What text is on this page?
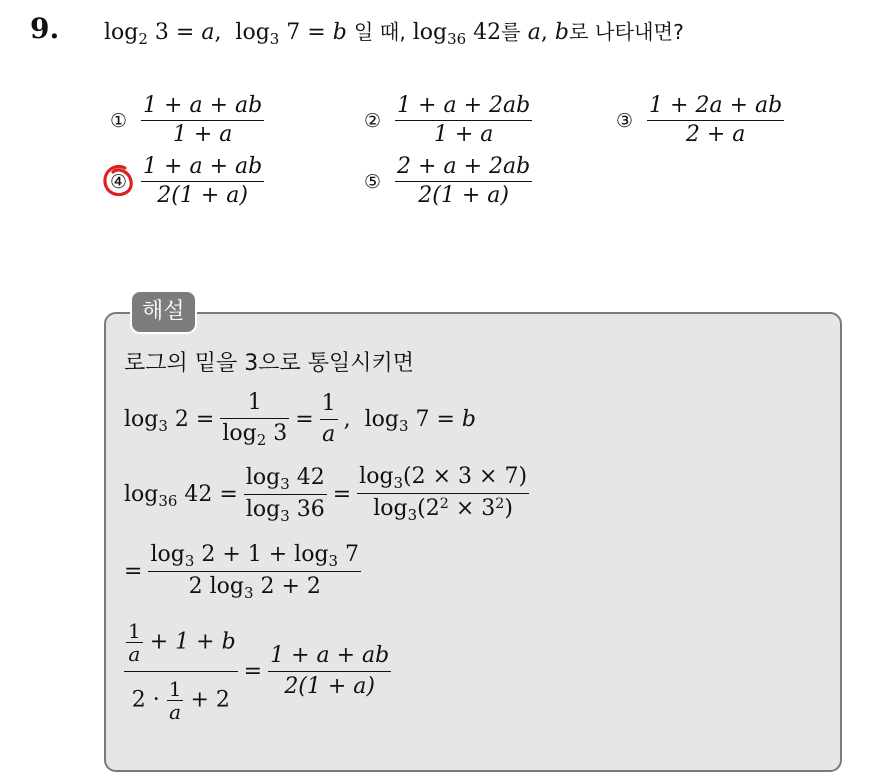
9. $\log_2 3 = a$,  $\log_3 7 = b$ 일 때, $\log_{36} 42$를 a, b로 나타내면?
① $\frac{1 + a + ab}{1 + a}$	② $\frac{1 + a + 2ab}{1 + a}$	③ $\frac{1 + 2a + ab}{2 + a}$
④ $\frac{1 + a + ab}{2(1 + a)}$	⑤ $\frac{2 + a + 2ab}{2(1 + a)}$
해설
로그의 밑을 3으로 통일시키면
$\log_3 2 = \frac{1}{\log_2 3} = \frac{1}{a}$ ,  $\log_3 7 = b$
$\log_{36} 42 = \frac{\log_3 42}{\log_3 36} = \frac{\log_3(2 \times 3 \times 7)}{\log_3(2^2 \times 3^2)}$
= $\frac{\log_3 2 + 1 + \log_3 7}{2 \log_3 2 + 2}$
$\frac{\frac{1}{a} + 1 + b}{2 \cdot \frac{1}{a} + 2} = \frac{1 + a + ab}{2(1 + a)}$
